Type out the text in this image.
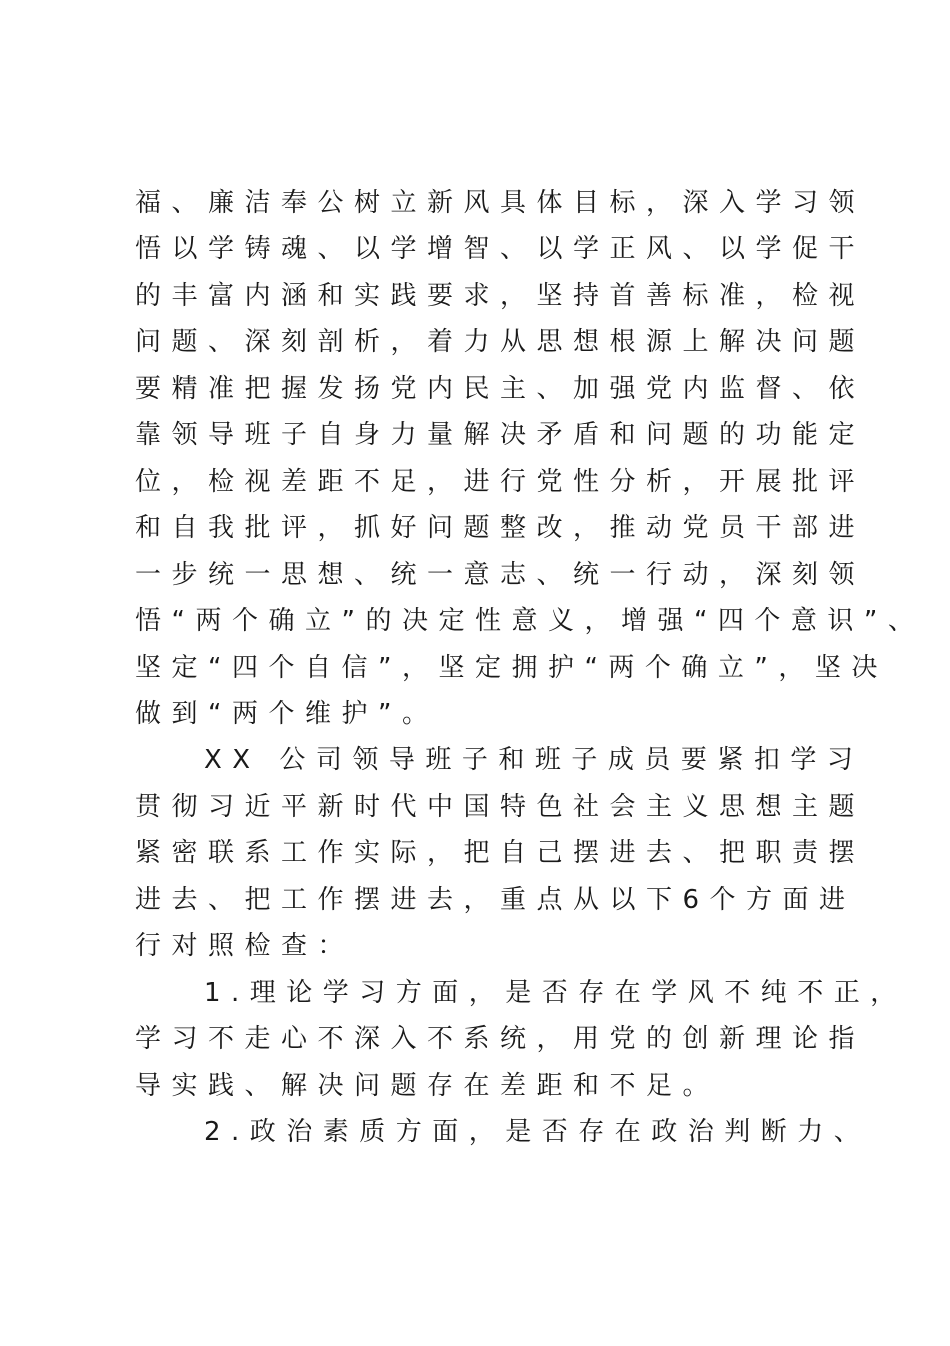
福、廉洁奉公树立新风具体目标，深入学习领
悟以学铸魂、以学增智、以学正风、以学促干
的丰富内涵和实践要求，坚持首善标准，检视
问题、深刻剖析，着力从思想根源上解决问题
要精准把握发扬党内民主、加强党内监督、依
靠领导班子自身力量解决矛盾和问题的功能定
位，检视差距不足，进行党性分析，开展批评
和自我批评，抓好问题整改，推动党员干部进
一步统一思想、统一意志、统一行动，深刻领
悟“两个确立”的决定性意义，增强“四个意识”、
坚定“四个自信”，坚定拥护“两个确立”，坚决
做到“两个维护”。
XX 公司领导班子和班子成员要紧扣学习
贯彻习近平新时代中国特色社会主义思想主题
紧密联系工作实际，把自己摆进去、把职责摆
进去、把工作摆进去，重点从以下6个方面进
行对照检查：
1.理论学习方面，是否存在学风不纯不正，
学习不走心不深入不系统，用党的创新理论指
导实践、解决问题存在差距和不足。
2.政治素质方面，是否存在政治判断力、
